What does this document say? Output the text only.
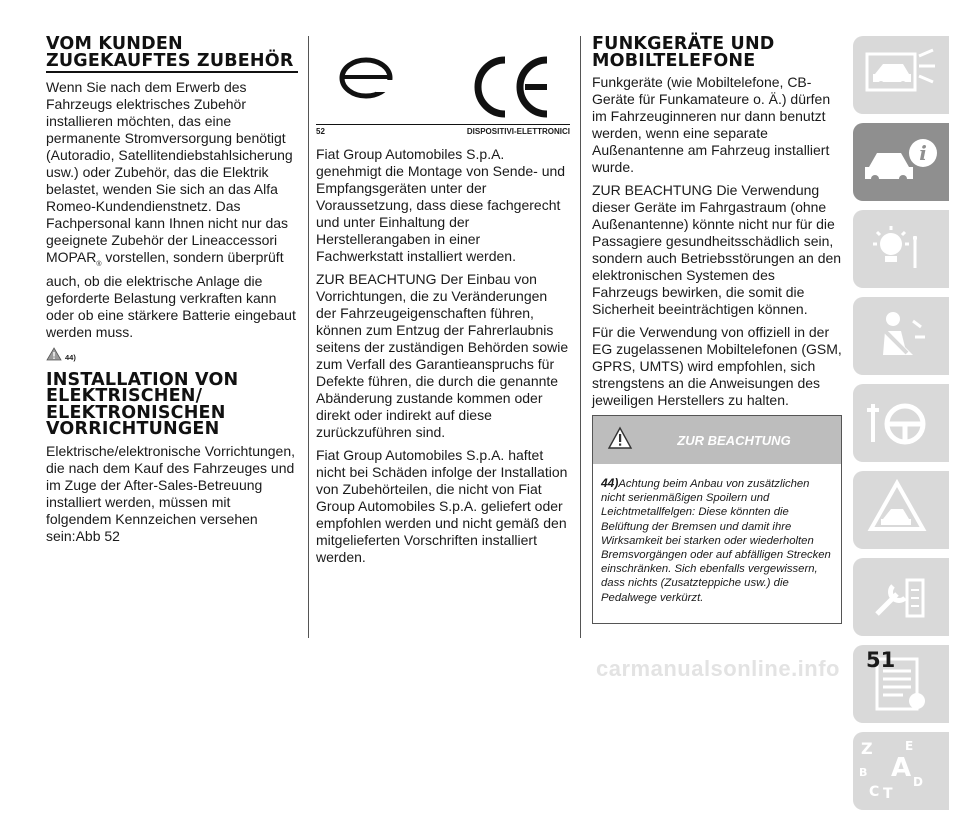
VOM KUNDEN ZUGEKAUFTES ZUBEHÖR

Wenn Sie nach dem Erwerb des Fahrzeugs elektrisches Zubehör installieren möchten, das eine permanente Stromversorgung benötigt (Autoradio, Satellitendiebstahlsicherung usw.) oder Zubehör, das die Elektrik belastet, wenden Sie sich an das Alfa Romeo-Kundendienstnetz. Das Fachpersonal kann Ihnen nicht nur das geeignete Zubehör der Lineaccessori $MOPAR_®$ vorstellen, sondern überprüft auch, ob die elektrische Anlage die geforderte Belastung verkraften kann oder ob eine stärkere Batterie eingebaut werden muss.

44)
INSTALLATION VON ELEKTRISCHEN/ ELEKTRONISCHEN VORRICHTUNGEN

Elektrische/elektronische Vorrichtungen, die nach dem Kauf des Fahrzeuges und im Zuge der After-Sales-Betreuung installiert werden, müssen mit folgendem Kennzeichen versehen sein:Abb 52

52	DISPOSITIVI-ELETTRONICI

Fiat Group Automobiles S.p.A. genehmigt die Montage von Sende- und Empfangsgeräten unter der Voraussetzung, dass diese fachgerecht und unter Einhaltung der Herstellerangaben in einer Fachwerkstatt installiert werden.

ZUR BEACHTUNG Der Einbau von Vorrichtungen, die zu Veränderungen der Fahrzeugeigenschaften führen, können zum Entzug der Fahrerlaubnis seitens der zuständigen Behörden sowie zum Verfall des Garantieanspruchs für Defekte führen, die durch die genannte Abänderung zustande kommen oder direkt oder indirekt auf diese zurückzuführen sind.

Fiat Group Automobiles S.p.A. haftet nicht bei Schäden infolge der Installation von Zubehörteilen, die nicht von Fiat Group Automobiles S.p.A. geliefert oder empfohlen werden und nicht gemäß den mitgelieferten Vorschriften installiert werden.

FUNKGERÄTE UND MOBILTELEFONE

Funkgeräte (wie Mobiltelefone, CB-Geräte für Funkamateure o. Ä.) dürfen im Fahrzeuginneren nur dann benutzt werden, wenn eine separate Außenantenne am Fahrzeug installiert wurde.

ZUR BEACHTUNG Die Verwendung dieser Geräte im Fahrgastraum (ohne Außenantenne) könnte nicht nur für die Passagiere gesundheitsschädlich sein, sondern auch Betriebsstörungen an den elektronischen Systemen des Fahrzeugs bewirken, die somit die Sicherheit beeinträchtigen können.

Für die Verwendung von offiziell in der EG zugelassenen Mobiltelefonen (GSM, GPRS, UMTS) wird empfohlen, sich strengstens an die Anweisungen des jeweiligen Herstellers zu halten.

ZUR BEACHTUNG
44)Achtung beim Anbau von zusätzlichen nicht serienmäßigen Spoilern und Leichtmetallfelgen: Diese könnten die Belüftung der Bremsen und damit ihre Wirksamkeit bei starken oder wiederholten Bremsvorgängen oder auf abfälligen Strecken einschränken. Sich ebenfalls vergewissern, dass nichts (Zusatzteppiche usw.) die Pedalwege verkürzt.
i
Z	E
B A
C T
D
51
carmanualsonline.info
